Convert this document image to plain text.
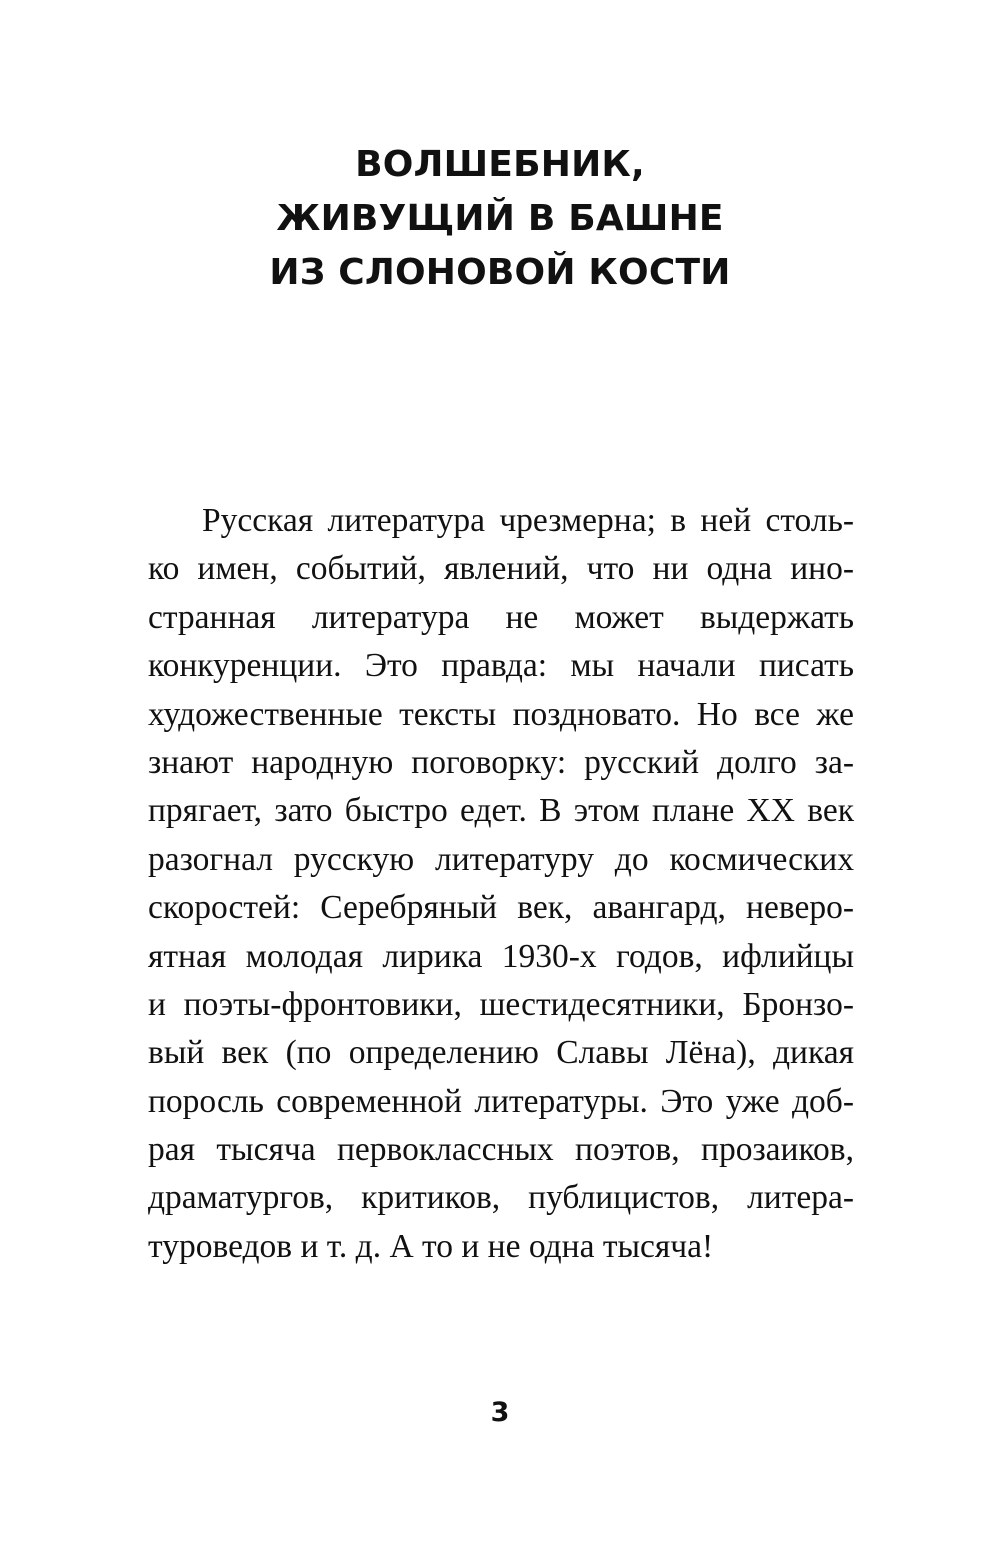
ВОЛШЕБНИК,
ЖИВУЩИЙ В БАШНЕ
ИЗ СЛОНОВОЙ КОСТИ
Русская литература чрезмерна; в ней столь-
ко имен, событий, явлений, что ни одна ино-
странная литература не может выдержать
конкуренции. Это правда: мы начали писать
художественные тексты поздновато. Но все же
знают народную поговорку: русский долго за-
прягает, зато быстро едет. В этом плане ХХ век
разогнал русскую литературу до космических
скоростей: Серебряный век, авангард, неверо-
ятная молодая лирика 1930-х годов, ифлийцы
и поэты-фронтовики, шестидесятники, Бронзо-
вый век (по определению Славы Лёна), дикая
поросль современной литературы. Это уже доб-
рая тысяча первоклассных поэтов, прозаиков,
драматургов, критиков, публицистов, литера-
туроведов и т. д. А то и не одна тысяча!
3
